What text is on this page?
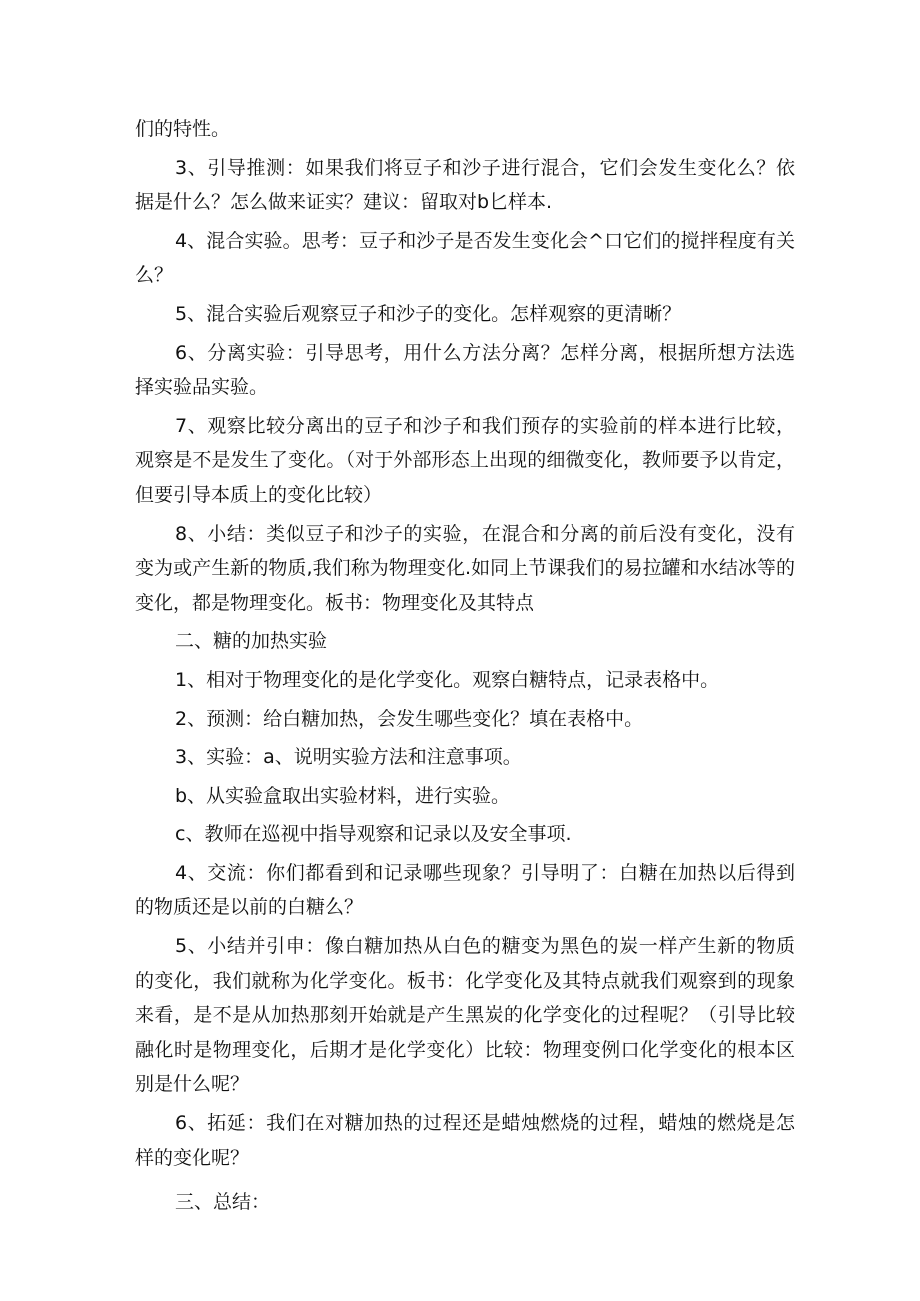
们的特性。

3、引导推测：如果我们将豆子和沙子进行混合，它们会发生变化么？依据是什么？怎么做来证实？建议：留取对b匕样本.

4、混合实验。思考：豆子和沙子是否发生变化会^口它们的搅拌程度有关么？

5、混合实验后观察豆子和沙子的变化。怎样观察的更清晰？

6、分离实验：引导思考，用什么方法分离？怎样分离，根据所想方法选择实验品实验。

7、观察比较分离出的豆子和沙子和我们预存的实验前的样本进行比较，观察是不是发生了变化。（对于外部形态上出现的细微变化，教师要予以肯定，但要引导本质上的变化比较）

8、小结：类似豆子和沙子的实验，在混合和分离的前后没有变化，没有变为或产生新的物质,我们称为物理变化.如同上节课我们的易拉罐和水结冰等的变化，都是物理变化。板书：物理变化及其特点

二、糖的加热实验

1、相对于物理变化的是化学变化。观察白糖特点，记录表格中。

2、预测：给白糖加热，会发生哪些变化？填在表格中。

3、实验：a、说明实验方法和注意事项。

b、从实验盒取出实验材料，进行实验。

c、教师在巡视中指导观察和记录以及安全事项.

4、交流：你们都看到和记录哪些现象？引导明了：白糖在加热以后得到的物质还是以前的白糖么？

5、小结并引申：像白糖加热从白色的糖变为黑色的炭一样产生新的物质的变化，我们就称为化学变化。板书：化学变化及其特点就我们观察到的现象来看，是不是从加热那刻开始就是产生黑炭的化学变化的过程呢？（引导比较融化时是物理变化，后期才是化学变化）比较：物理变例口化学变化的根本区别是什么呢？

6、拓延：我们在对糖加热的过程还是蜡烛燃烧的过程，蜡烛的燃烧是怎样的变化呢？

三、总结：
